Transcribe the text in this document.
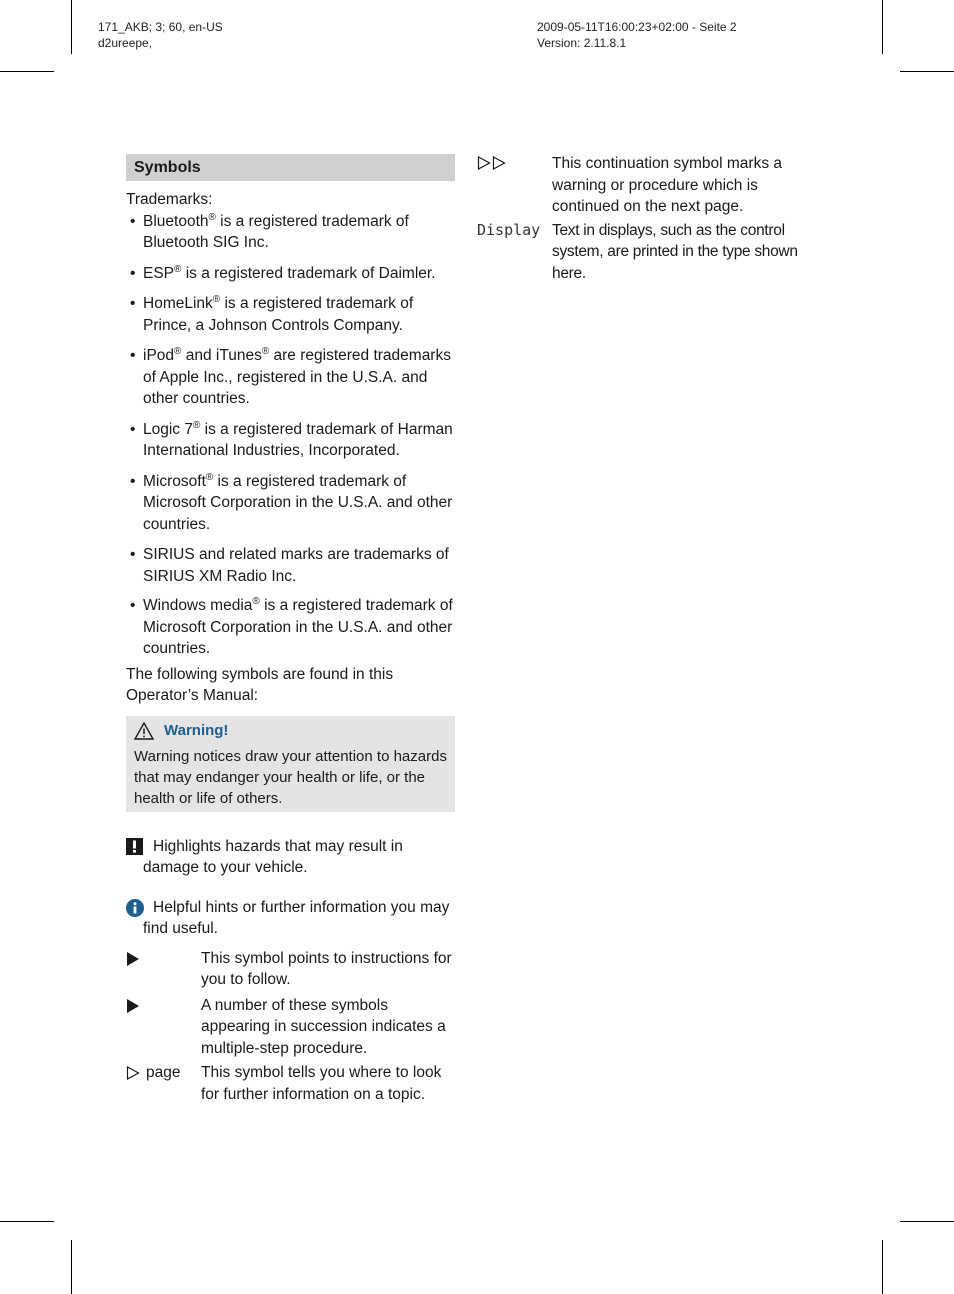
171_AKB; 3; 60, en-US
d2ureepe,
2009-05-11T16:00:23+02:00 - Seite 2
Version: 2.11.8.1
Symbols
Trademarks:
• Bluetooth® is a registered trademark of Bluetooth SIG Inc.
• ESP® is a registered trademark of Daimler.
• HomeLink® is a registered trademark of Prince, a Johnson Controls Company.
• iPod® and iTunes® are registered trademarks of Apple Inc., registered in the U.S.A. and other countries.
• Logic 7® is a registered trademark of Harman International Industries, Incorporated.
• Microsoft® is a registered trademark of Microsoft Corporation in the U.S.A. and other countries.
• SIRIUS and related marks are trademarks of SIRIUS XM Radio Inc.
• Windows media® is a registered trademark of Microsoft Corporation in the U.S.A. and other countries.
The following symbols are found in this Operator’s Manual:
Warning!
Warning notices draw your attention to hazards that may endanger your health or life, or the health or life of others.
Highlights hazards that may result in damage to your vehicle.
Helpful hints or further information you may find useful.
This symbol points to instructions for you to follow.
A number of these symbols appearing in succession indicates a multiple-step procedure.
page This symbol tells you where to look for further information on a topic.
This continuation symbol marks a warning or procedure which is continued on the next page.
Display Text in displays, such as the control system, are printed in the type shown here.
